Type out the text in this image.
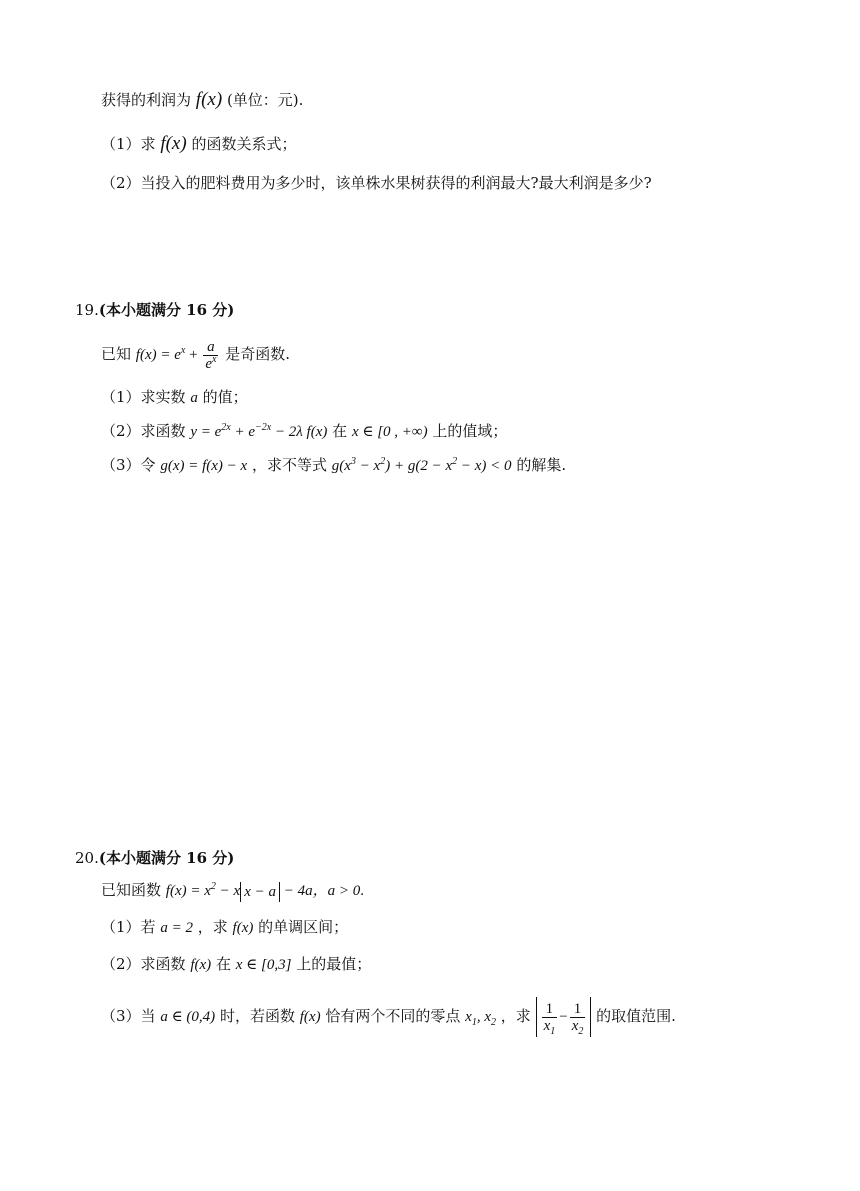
获得的利润为 f(x) (单位：元).
（1）求 f(x) 的函数关系式；
（2）当投入的肥料费用为多少时，该单株水果树获得的利润最大?最大利润是多少?
19.(本小题满分 16 分)
已知 $f(x) = e^x + \frac{a}{e^x}$ 是奇函数.
（1）求实数 a 的值；
（2）求函数 $y = e^{2x} + e^{-2x} - 2\lambda$ f(x) 在 x ∈ [0 , +∞) 上的值域；
（3）令 g(x) = f(x) − x ，求不等式 $g(x^3 - x^2) + g(2 - x^2 - x) < 0$ 的解集.
20.(本小题满分 16 分)
已知函数 $f(x) = x^2 - x$ x − a − 4a，a > 0.
（1）若 a = 2 ，求 f(x) 的单调区间；
（2）求函数 f(x) 在 x ∈ [0,3] 上的最值；
（3）当 a ∈ (0,4) 时，若函数 f(x) 恰有两个不同的零点 $x_1$, $x_2$ ，求 $\frac{1}{x_1} - \frac{1}{x_2}$ 的取值范围.
